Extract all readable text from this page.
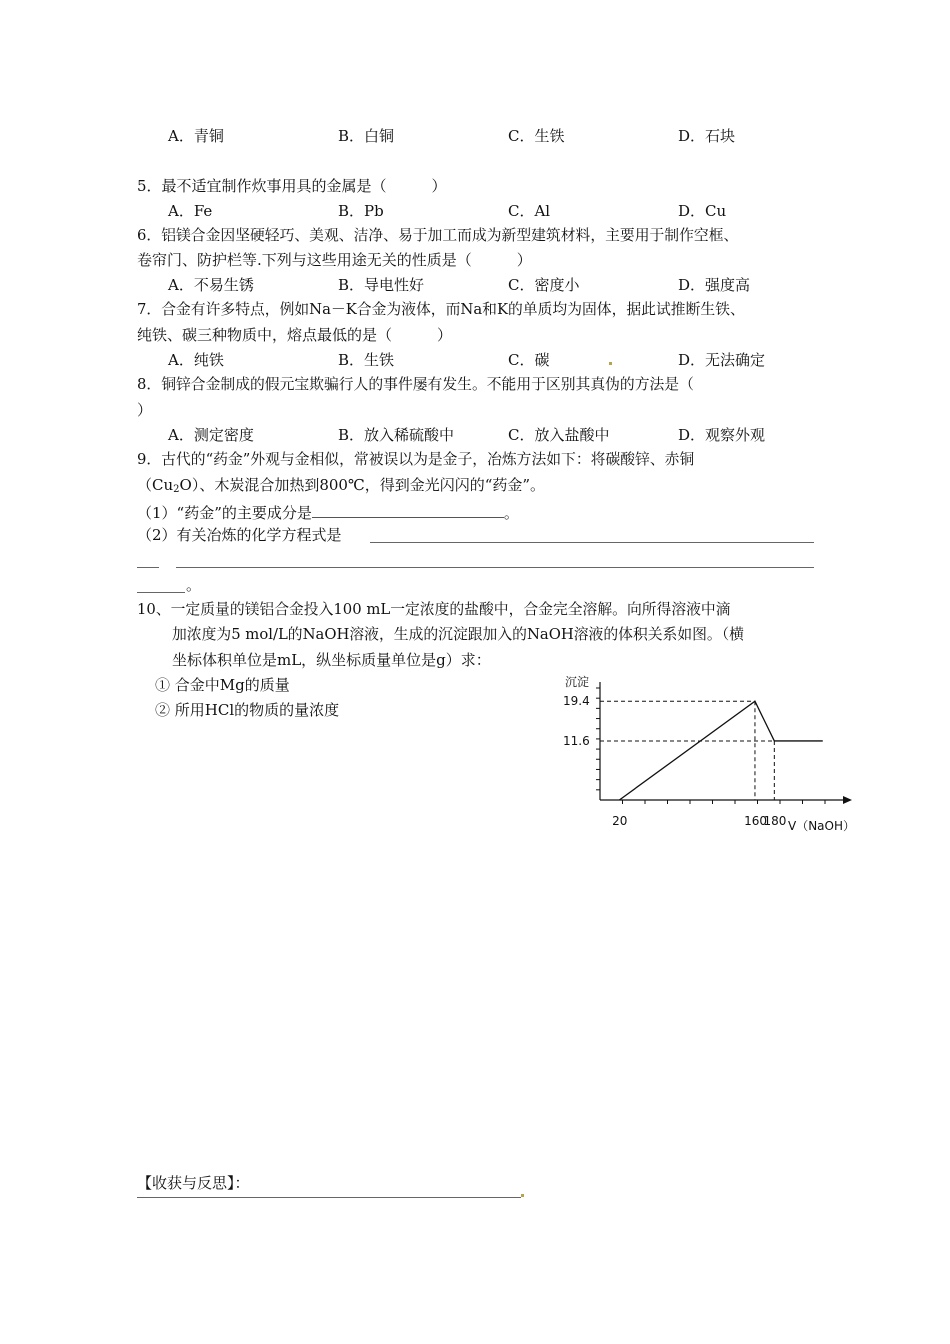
A．青铜	B．白铜	C．生铁	D．石块
5．最不适宜制作炊事用具的金属是（　　　）
A．Fe	B．Pb	C．Al	D．Cu
6．铝镁合金因坚硬轻巧、美观、洁净、易于加工而成为新型建筑材料，主要用于制作空框、
卷帘门、防护栏等.下列与这些用途无关的性质是（　　　）
A．不易生锈	B．导电性好	C．密度小	D．强度高
7．合金有许多特点，例如Na－K合金为液体，而Na和K的单质均为固体，据此试推断生铁、
纯铁、碳三种物质中，熔点最低的是（　　　）
A．纯铁	B．生铁	C．碳	D．无法确定
8．铜锌合金制成的假元宝欺骗行人的事件屡有发生。不能用于区别其真伪的方法是（
）
A．测定密度	B．放入稀硫酸中	C．放入盐酸中	D．观察外观
9．古代的“药金”外观与金相似，常被误以为是金子，冶炼方法如下：将碳酸锌、赤铜
$(Cu_2O)$、木炭混合加热到800℃，得到金光闪闪的“药金”。
（1）“药金”的主要成分是	。
（2）有关冶炼的化学方程式是
。
10、一定质量的镁铝合金投入100 mL一定浓度的盐酸中，合金完全溶解。向所得溶液中滴
加浓度为5 mol/L的NaOH溶液，生成的沉淀跟加入的NaOH溶液的体积关系如图。（横
坐标体积单位是mL，纵坐标质量单位是g）求：
① 合金中Mg的质量
② 所用HCl的物质的量浓度
沉淀
V（NaOH）
19.4
11.6
20	160
180
【收获与反思】：
